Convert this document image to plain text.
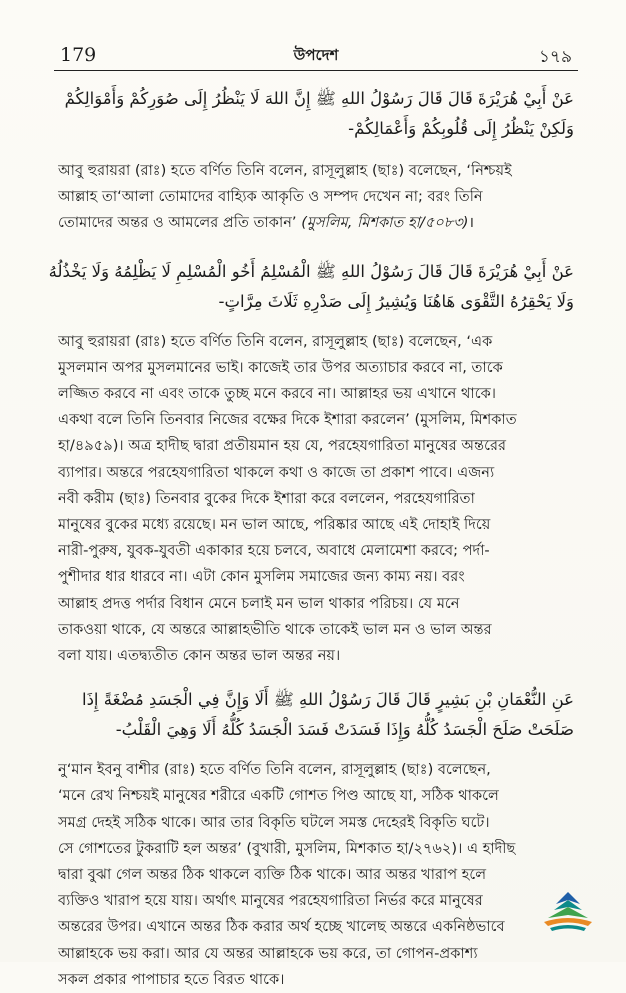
179	উপদেশ	১৭৯
عَنْ أَبِيْ هُرَيْرَةَ قَالَ قَالَ رَسُوْلُ اللهِ ﷺ إِنَّ اللهَ لَا يَنْظُرُ إِلَى صُوَرِكُمْ وَأَمْوَالِكُمْ
وَلَكِنْ يَنْظُرُ إِلَى قُلُوبِكُمْ وَأَعْمَالِكُمْ-
আবু হুরায়রা (রাঃ) হতে বর্ণিত তিনি বলেন, রাসূলুল্লাহ (ছাঃ) বলেছেন, ‘নিশ্চয়ই
আল্লাহ তা‘আলা তোমাদের বাহ্যিক আকৃতি ও সম্পদ দেখেন না; বরং তিনি
তোমাদের অন্তর ও আমলের প্রতি তাকান’ (মুসলিম, মিশকাত হা/৫০৮৩)।
عَنْ أَبِيْ هُرَيْرَةَ قَالَ قَالَ رَسُوْلُ اللهِ ﷺ الْمُسْلِمُ أَخُو الْمُسْلِمِ لَا يَظْلِمُهُ وَلَا يَخْذُلُهُ
وَلَا يَحْقِرُهُ التَّقْوَى هَاهُنَا وَيُشِيرُ إِلَى صَدْرِهِ ثَلَاثَ مِرَّاتٍ-
আবু হুরায়রা (রাঃ) হতে বর্ণিত তিনি বলেন, রাসূলুল্লাহ (ছাঃ) বলেছেন, ‘এক
মুসলমান অপর মুসলমানের ভাই। কাজেই তার উপর অত্যাচার করবে না, তাকে
লজ্জিত করবে না এবং তাকে তুচ্ছ মনে করবে না। আল্লাহর ভয় এখানে থাকে।
একথা বলে তিনি তিনবার নিজের বক্ষের দিকে ইশারা করলেন’ (মুসলিম, মিশকাত
হা/৪৯৫৯)। অত্র হাদীছ দ্বারা প্রতীয়মান হয় যে, পরহেযগারিতা মানুষের অন্তরের
ব্যাপার। অন্তরে পরহেযগারিতা থাকলে কথা ও কাজে তা প্রকাশ পাবে। এজন্য
নবী করীম (ছাঃ) তিনবার বুকের দিকে ইশারা করে বললেন, পরহেযগারিতা
মানুষের বুকের মধ্যে রয়েছে। মন ভাল আছে, পরিষ্কার আছে এই দোহাই দিয়ে
নারী-পুরুষ, যুবক-যুবতী একাকার হয়ে চলবে, অবাধে মেলামেশা করবে; পর্দা-
পুশীদার ধার ধারবে না। এটা কোন মুসলিম সমাজের জন্য কাম্য নয়। বরং
আল্লাহ প্রদত্ত পর্দার বিধান মেনে চলাই মন ভাল থাকার পরিচয়। যে মনে
তাকওয়া থাকে, যে অন্তরে আল্লাহভীতি থাকে তাকেই ভাল মন ও ভাল অন্তর
বলা যায়। এতদ্ব্যতীত কোন অন্তর ভাল অন্তর নয়।
عَنِ النُّعْمَانِ بْنِ بَشِيرٍ قَالَ قَالَ رَسُوْلُ اللهِ ﷺ أَلَا وَإِنَّ فِي الْجَسَدِ مُضْغَةً إِذَا
صَلَحَتْ صَلَحَ الْجَسَدُ كُلُّهُ وَإِذَا فَسَدَتْ فَسَدَ الْجَسَدُ كُلُّهُ أَلَا وَهِيَ الْقَلْبُ-
নু‘মান ইবনু বাশীর (রাঃ) হতে বর্ণিত তিনি বলেন, রাসূলুল্লাহ (ছাঃ) বলেছেন,
‘মনে রেখ নিশ্চয়ই মানুষের শরীরে একটি গোশত পিণ্ড আছে যা, সঠিক থাকলে
সমগ্র দেহই সঠিক থাকে। আর তার বিকৃতি ঘটলে সমস্ত দেহেরই বিকৃতি ঘটে।
সে গোশতের টুকরাটি হল অন্তর’ (বুখারী, মুসলিম, মিশকাত হা/২৭৬২)। এ হাদীছ
দ্বারা বুঝা গেল অন্তর ঠিক থাকলে ব্যক্তি ঠিক থাকে। আর অন্তর খারাপ হলে
ব্যক্তিও খারাপ হয়ে যায়। অর্থাৎ মানুষের পরহেযগারিতা নির্ভর করে মানুষের
অন্তরের উপর। এখানে অন্তর ঠিক করার অর্থ হচ্ছে খালেছ অন্তরে একনিষ্ঠভাবে
আল্লাহকে ভয় করা। আর যে অন্তর আল্লাহকে ভয় করে, তা গোপন-প্রকাশ্য
সকল প্রকার পাপাচার হতে বিরত থাকে।
